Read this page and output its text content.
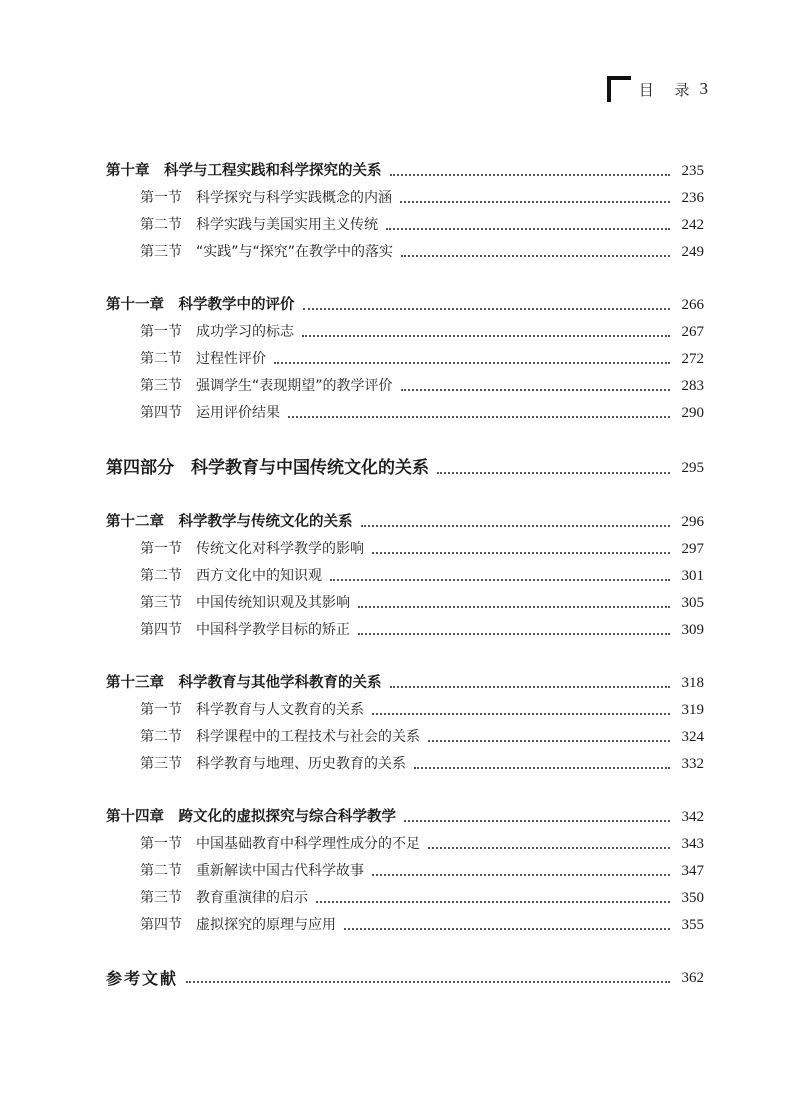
目 录 3
第十章　科学与工程实践和科学探究的关系	235
第一节　科学探究与科学实践概念的内涵	236
第二节　科学实践与美国实用主义传统	242
第三节　“实践”与“探究”在教学中的落实	249
第十一章　科学教学中的评价	266
第一节　成功学习的标志	267
第二节　过程性评价	272
第三节　强调学生“表现期望”的教学评价	283
第四节　运用评价结果	290
第四部分　科学教育与中国传统文化的关系	295
第十二章　科学教学与传统文化的关系	296
第一节　传统文化对科学教学的影响	297
第二节　西方文化中的知识观	301
第三节　中国传统知识观及其影响	305
第四节　中国科学教学目标的矫正	309
第十三章　科学教育与其他学科教育的关系	318
第一节　科学教育与人文教育的关系	319
第二节　科学课程中的工程技术与社会的关系	324
第三节　科学教育与地理、历史教育的关系	332
第十四章　跨文化的虚拟探究与综合科学教学	342
第一节　中国基础教育中科学理性成分的不足	343
第二节　重新解读中国古代科学故事	347
第三节　教育重演律的启示	350
第四节　虚拟探究的原理与应用	355
参考文献	362
